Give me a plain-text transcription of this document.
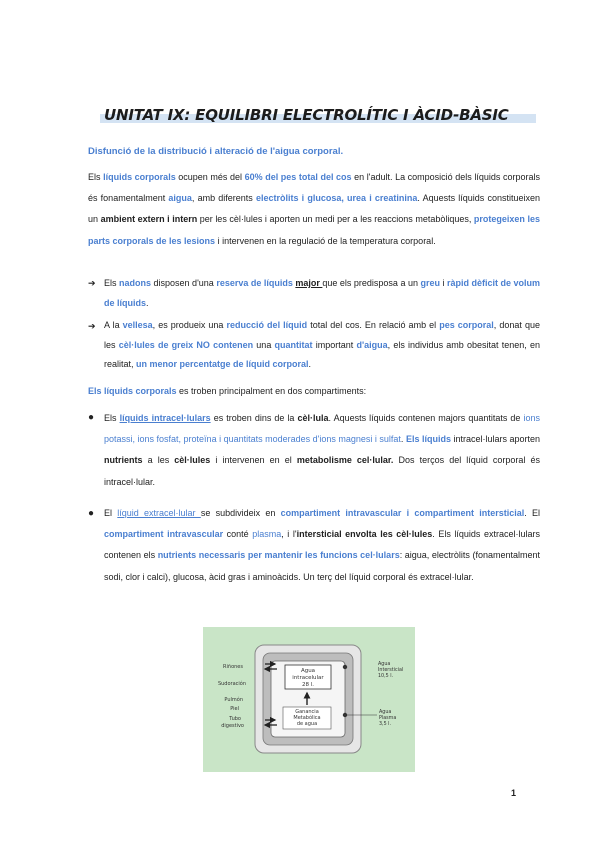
UNITAT IX: EQUILIBRI ELECTROLÍTIC I ÀCID-BÀSIC
Disfunció de la distribució i alteració de l'aigua corporal.
Els líquids corporals ocupen més del 60% del pes total del cos en l'adult. La composició dels líquids corporals és fonamentalment aigua, amb diferents electròlits i glucosa, urea i creatinina. Aquests líquids constitueixen un ambient extern i intern per les cèl·lules i aporten un medi per a les reaccions metabòliques, protegeixen les parts corporals de les lesions i intervenen en la regulació de la temperatura corporal.
➔ Els nadons disposen d'una reserva de líquids major que els predisposa a un greu i ràpid dèficit de volum de líquids.
➔ A la vellesa, es produeix una reducció del líquid total del cos. En relació amb el pes corporal, donat que les cèl·lules de greix NO contenen una quantitat important d'aigua, els individus amb obesitat tenen, en realitat, un menor percentatge de líquid corporal.
Els líquids corporals es troben principalment en dos compartiments:
● Els líquids intracel·lulars es troben dins de la cèl·lula. Aquests líquids contenen majors quantitats de ions potassi, ions fosfat, proteïna i quantitats moderades d'ions magnesi i sulfat. Els líquids intracel·lulars aporten nutrients a les cèl·lules i intervenen en el metabolisme cel·lular. Dos terços del líquid corporal és intracel·lular.
● El líquid extracel·lular se subdivideix en compartiment intravascular i compartiment intersticial. El compartiment intravascular conté plasma, i l'intersticial envolta les cèl·lules. Els líquids extracel·lulars contenen els nutrients necessaris per mantenir les funcions cel·lulars: aigua, electròlits (fonamentalment sodi, clor i calci), glucosa, àcid gras i aminoàcids. Un terç del líquid corporal és extracel·lular.
Riñones
Sudoración
Pulmón
Piel
Tubo
digestivo
Agua
intracelular
28 l.
Ganancia
Metabólica
de agua
Agua
Intersticial
10,5 l.
Agua
Plasma
3,5 l.
1
